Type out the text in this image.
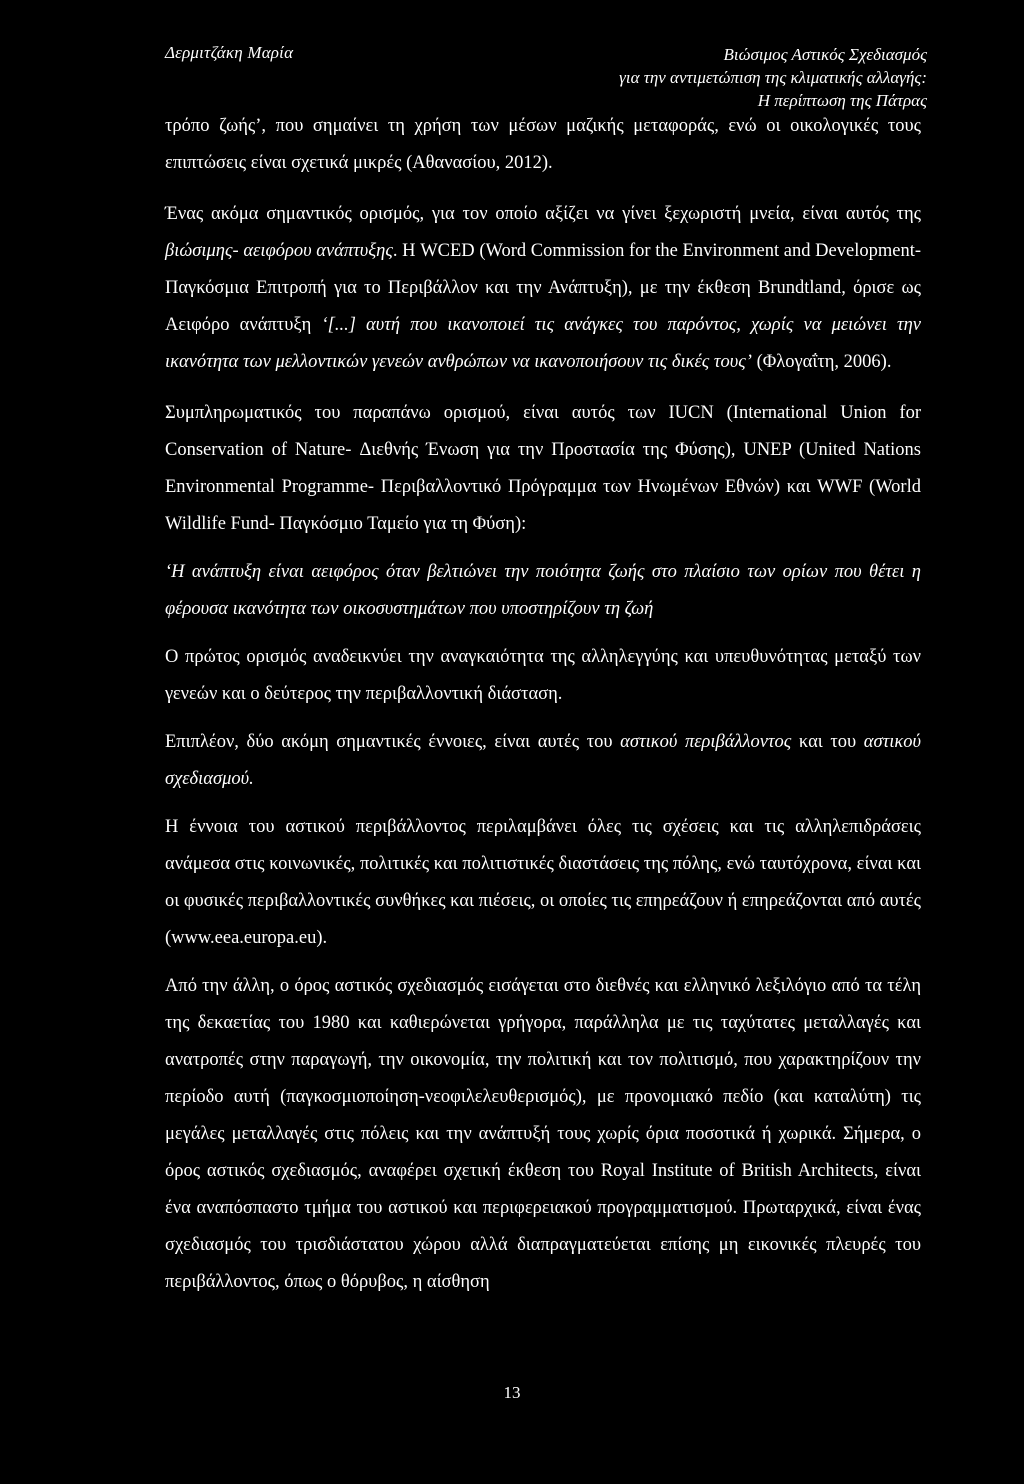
Δερμιτζάκη Μαρία	Βιώσιμος Αστικός Σχεδιασμός
για την αντιμετώπιση της κλιματικής αλλαγής:
Η περίπτωση της Πάτρας

τρόπο ζωής’, που σημαίνει τη χρήση των μέσων μαζικής μεταφοράς, ενώ οι οικολογικές τους επιπτώσεις είναι σχετικά μικρές (Αθανασίου, 2012).

Ένας ακόμα σημαντικός ορισμός, για τον οποίο αξίζει να γίνει ξεχωριστή μνεία, είναι αυτός της βιώσιμης- αειφόρου ανάπτυξης. Η WCED (Word Commission for the Environment and Development- Παγκόσμια Επιτροπή για το Περιβάλλον και την Ανάπτυξη), με την έκθεση Brundtland, όρισε ως Αειφόρο ανάπτυξη ‘[...] αυτή που ικανοποιεί τις ανάγκες του παρόντος, χωρίς να μειώνει την ικανότητα των μελλοντικών γενεών ανθρώπων να ικανοποιήσουν τις δικές τους’ (Φλογαΐτη, 2006).

Συμπληρωματικός του παραπάνω ορισμού, είναι αυτός των IUCN (International Union for Conservation of Nature- Διεθνής Ένωση για την Προστασία της Φύσης), UNEP (United Nations Environmental Programme- Περιβαλλοντικό Πρόγραμμα των Ηνωμένων Εθνών) και WWF (World Wildlife Fund- Παγκόσμιο Ταμείο για τη Φύση):

‘Η ανάπτυξη είναι αειφόρος όταν βελτιώνει την ποιότητα ζωής στο πλαίσιο των ορίων που θέτει η φέρουσα ικανότητα των οικοσυστημάτων που υποστηρίζουν τη ζωή

Ο πρώτος ορισμός αναδεικνύει την αναγκαιότητα της αλληλεγγύης και υπευθυνότητας μεταξύ των γενεών και ο δεύτερος την περιβαλλοντική διάσταση.

Επιπλέον, δύο ακόμη σημαντικές έννοιες, είναι αυτές του αστικού περιβάλλοντος και του αστικού σχεδιασμού.

Η έννοια του αστικού περιβάλλοντος περιλαμβάνει όλες τις σχέσεις και τις αλληλεπιδράσεις ανάμεσα στις κοινωνικές, πολιτικές και πολιτιστικές διαστάσεις της πόλης, ενώ ταυτόχρονα, είναι και οι φυσικές περιβαλλοντικές συνθήκες και πιέσεις, οι οποίες τις επηρεάζουν ή επηρεάζονται από αυτές (www.eea.europa.eu).

Από την άλλη, ο όρος αστικός σχεδιασμός εισάγεται στο διεθνές και ελληνικό λεξιλόγιο από τα τέλη της δεκαετίας του 1980 και καθιερώνεται γρήγορα, παράλληλα με τις ταχύτατες μεταλλαγές και ανατροπές στην παραγωγή, την οικονομία, την πολιτική και τον πολιτισμό, που χαρακτηρίζουν την περίοδο αυτή (παγκοσμιοποίηση-νεοφιλελευθερισμός), με προνομιακό πεδίο (και καταλύτη) τις μεγάλες μεταλλαγές στις πόλεις και την ανάπτυξή τους χωρίς όρια ποσοτικά ή χωρικά. Σήμερα, ο όρος αστικός σχεδιασμός, αναφέρει σχετική έκθεση του Royal Institute of British Architects, είναι ένα αναπόσπαστο τμήμα του αστικού και περιφερειακού προγραμματισμού. Πρωταρχικά, είναι ένας σχεδιασμός του τρισδιάστατου χώρου αλλά διαπραγματεύεται επίσης μη εικονικές πλευρές του περιβάλλοντος, όπως ο θόρυβος, η αίσθηση

13
